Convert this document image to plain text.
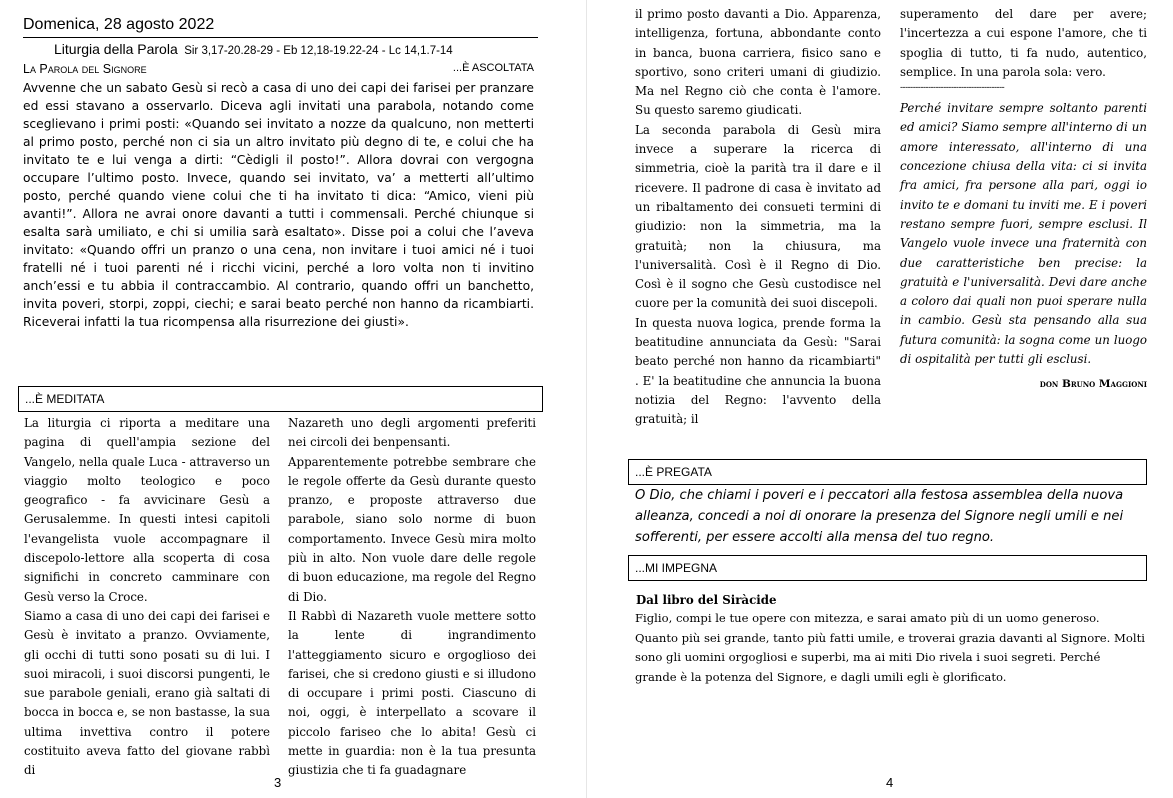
Domenica, 28 agosto 2022
Liturgia della Parola Sir 3,17-20.28-29 - Eb 12,18-19.22-24 - Lc 14,1.7-14
La Parola del Signore	...È ASCOLTATA
Avvenne che un sabato Gesù si recò a casa di uno dei capi dei farisei per pranzare ed essi stavano a osservarlo. Diceva agli invitati una parabola, notando come sceglievano i primi posti: «Quando sei invitato a nozze da qualcuno, non metterti al primo posto, perché non ci sia un altro invitato più degno di te, e colui che ha invitato te e lui venga a dirti: “Cèdigli il posto!”. Allora dovrai con vergogna occupare l’ultimo posto. Invece, quando sei invitato, va’ a metterti all’ultimo posto, perché quando viene colui che ti ha invitato ti dica: “Amico, vieni più avanti!”. Allora ne avrai onore davanti a tutti i commensali. Perché chiunque si esalta sarà umiliato, e chi si umilia sarà esaltato». Disse poi a colui che l’aveva invitato: «Quando offri un pranzo o una cena, non invitare i tuoi amici né i tuoi fratelli né i tuoi parenti né i ricchi vicini, perché a loro volta non ti invitino anch’essi e tu abbia il contraccambio. Al contrario, quando offri un banchetto, invita poveri, storpi, zoppi, ciechi; e sarai beato perché non hanno da ricambiarti. Riceverai infatti la tua ricompensa alla risurrezione dei giusti».
...È MEDITATA

La liturgia ci riporta a meditare una pagina di quell'ampia sezione del Vangelo, nella quale Luca - attraverso un viaggio molto teologico e poco geografico - fa avvicinare Gesù a Gerusalemme. In questi intesi capitoli l'evangelista vuole accompagnare il discepolo-lettore alla scoperta di cosa significhi in concreto camminare con Gesù verso la Croce.

Siamo a casa di uno dei capi dei farisei e Gesù è invitato a pranzo. Ovviamente, gli occhi di tutti sono posati su di lui. I suoi miracoli, i suoi discorsi pungenti, le sue parabole geniali, erano già saltati di bocca in bocca e, se non bastasse, la sua ultima invettiva contro il potere costituito aveva fatto del giovane rabbì di

Nazareth uno degli argomenti preferiti nei circoli dei benpensanti.

Apparentemente potrebbe sembrare che le regole offerte da Gesù durante questo pranzo, e proposte attraverso due parabole, siano solo norme di buon comportamento. Invece Gesù mira molto più in alto. Non vuole dare delle regole di buon educazione, ma regole del Regno di Dio.

Il Rabbì di Nazareth vuole mettere sotto la lente di ingrandimento l'atteggiamento sicuro e orgoglioso dei farisei, che si credono giusti e si illudono di occupare i primi posti. Ciascuno di noi, oggi, è interpellato a scovare il piccolo fariseo che lo abita! Gesù ci mette in guardia: non è la tua presunta giustizia che ti fa guadagnare

3

il primo posto davanti a Dio. Apparenza, intelligenza, fortuna, abbondante conto in banca, buona carriera, fisico sano e sportivo, sono criteri umani di giudizio. Ma nel Regno ciò che conta è l'amore. Su questo saremo giudicati.

La seconda parabola di Gesù mira invece a superare la ricerca di simmetria, cioè la parità tra il dare e il ricevere. Il padrone di casa è invitato ad un ribaltamento dei consueti termini di giudizio: non la simmetria, ma la gratuità; non la chiusura, ma l'universalità. Così è il Regno di Dio. Così è il sogno che Gesù custodisce nel cuore per la comunità dei suoi discepoli.

In questa nuova logica, prende forma la beatitudine annunciata da Gesù: "Sarai beato perché non hanno da ricambiarti" . E' la beatitudine che annuncia la buona notizia del Regno: l'avvento della gratuità; il

superamento del dare per avere; l'incertezza a cui espone l'amore, che ti spoglia di tutto, ti fa nudo, autentico, semplice. In una parola sola: vero.

-----------------------------------------

Perché invitare sempre soltanto parenti ed amici? Siamo sempre all'interno di un amore interessato, all'interno di una concezione chiusa della vita: ci si invita fra amici, fra persone alla pari, oggi io invito te e domani tu inviti me. E i poveri restano sempre fuori, sempre esclusi. Il Vangelo vuole invece una fraternità con due caratteristiche ben precise: la gratuità e l'universalità. Devi dare anche a coloro dai quali non puoi sperare nulla in cambio. Gesù sta pensando alla sua futura comunità: la sogna come un luogo di ospitalità per tutti gli esclusi.

don Bruno Maggioni
...È PREGATA
O Dio, che chiami i poveri e i peccatori alla festosa assemblea della nuova alleanza, concedi a noi di onorare la presenza del Signore negli umili e nei sofferenti, per essere accolti alla mensa del tuo regno.
...MI IMPEGNA
Dal libro del Siràcide
Figlio, compi le tue opere con mitezza, e sarai amato più di un uomo generoso. Quanto più sei grande, tanto più fatti umile, e troverai grazia davanti al Signore. Molti sono gli uomini orgogliosi e superbi, ma ai miti Dio rivela i suoi segreti. Perché grande è la potenza del Signore, e dagli umili egli è glorificato.
4
